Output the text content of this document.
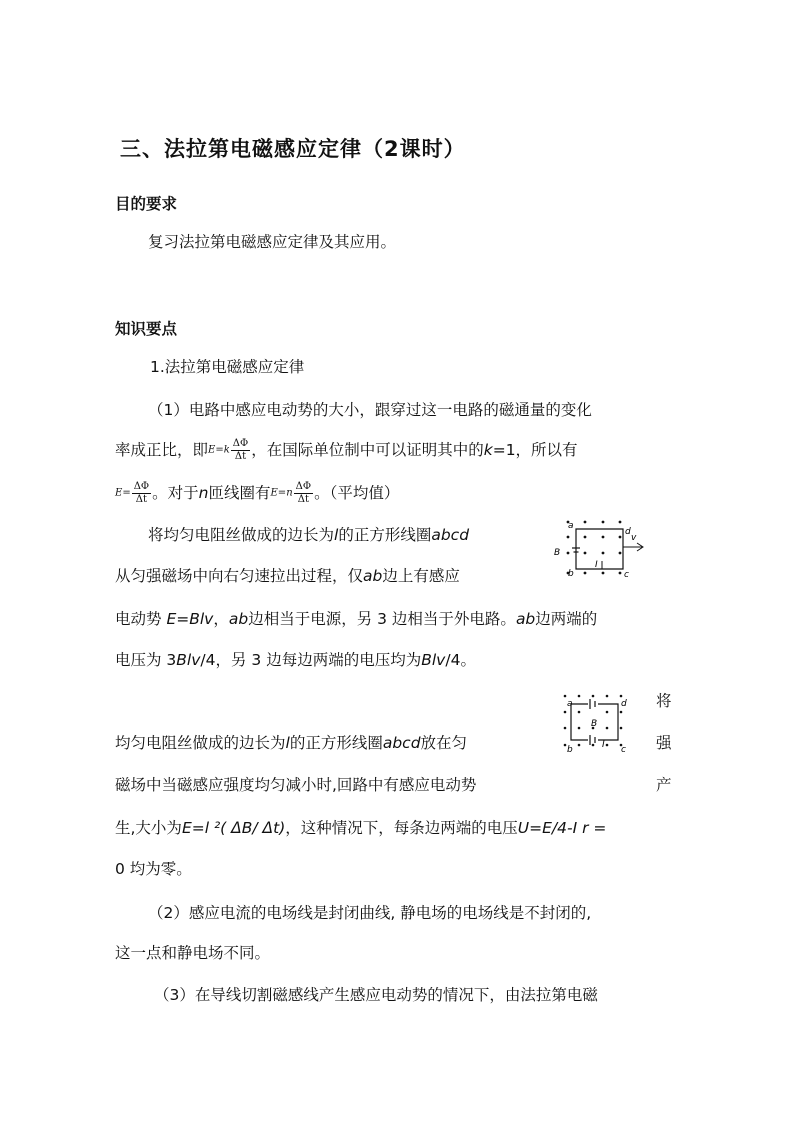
三、法拉第电磁感应定律（2课时）
目的要求
复习法拉第电磁感应定律及其应用。
知识要点
1.法拉第电磁感应定律
（1）电路中感应电动势的大小，跟穿过这一电路的磁通量的变化
率成正比，即$E=k \frac{\Delta\Phi}{\Delta t}$ ，在国际单位制中可以证明其中的k=1，所以有
$E= \frac{\Delta\Phi}{\Delta t}$ 。对于n匝线圈有$E=n \frac{\Delta\Phi}{\Delta t}$ 。（平均值）
将均匀电阻丝做成的边长为l的正方形线圈abcd
从匀强磁场中向右匀速拉出过程，仅ab边上有感应
a
b
d
c
B
I
v
电动势 E=Blv，ab边相当于电源，另 3 边相当于外电路。ab边两端的
电压为 3Blv/4，另 3 边每边两端的电压均为Blv/4。
a
b
d
c
B
I
将
强
产
均匀电阻丝做成的边长为l的正方形线圈abcd放在匀
磁场中当磁感应强度均匀减小时,回路中有感应电动势
生,大小为E=l ²( ΔB/ Δt)，这种情况下，每条边两端的电压U=E/4-I r =
0 均为零。
（2）感应电流的电场线是封闭曲线, 静电场的电场线是不封闭的,
这一点和静电场不同。
（3）在导线切割磁感线产生感应电动势的情况下，由法拉第电磁
